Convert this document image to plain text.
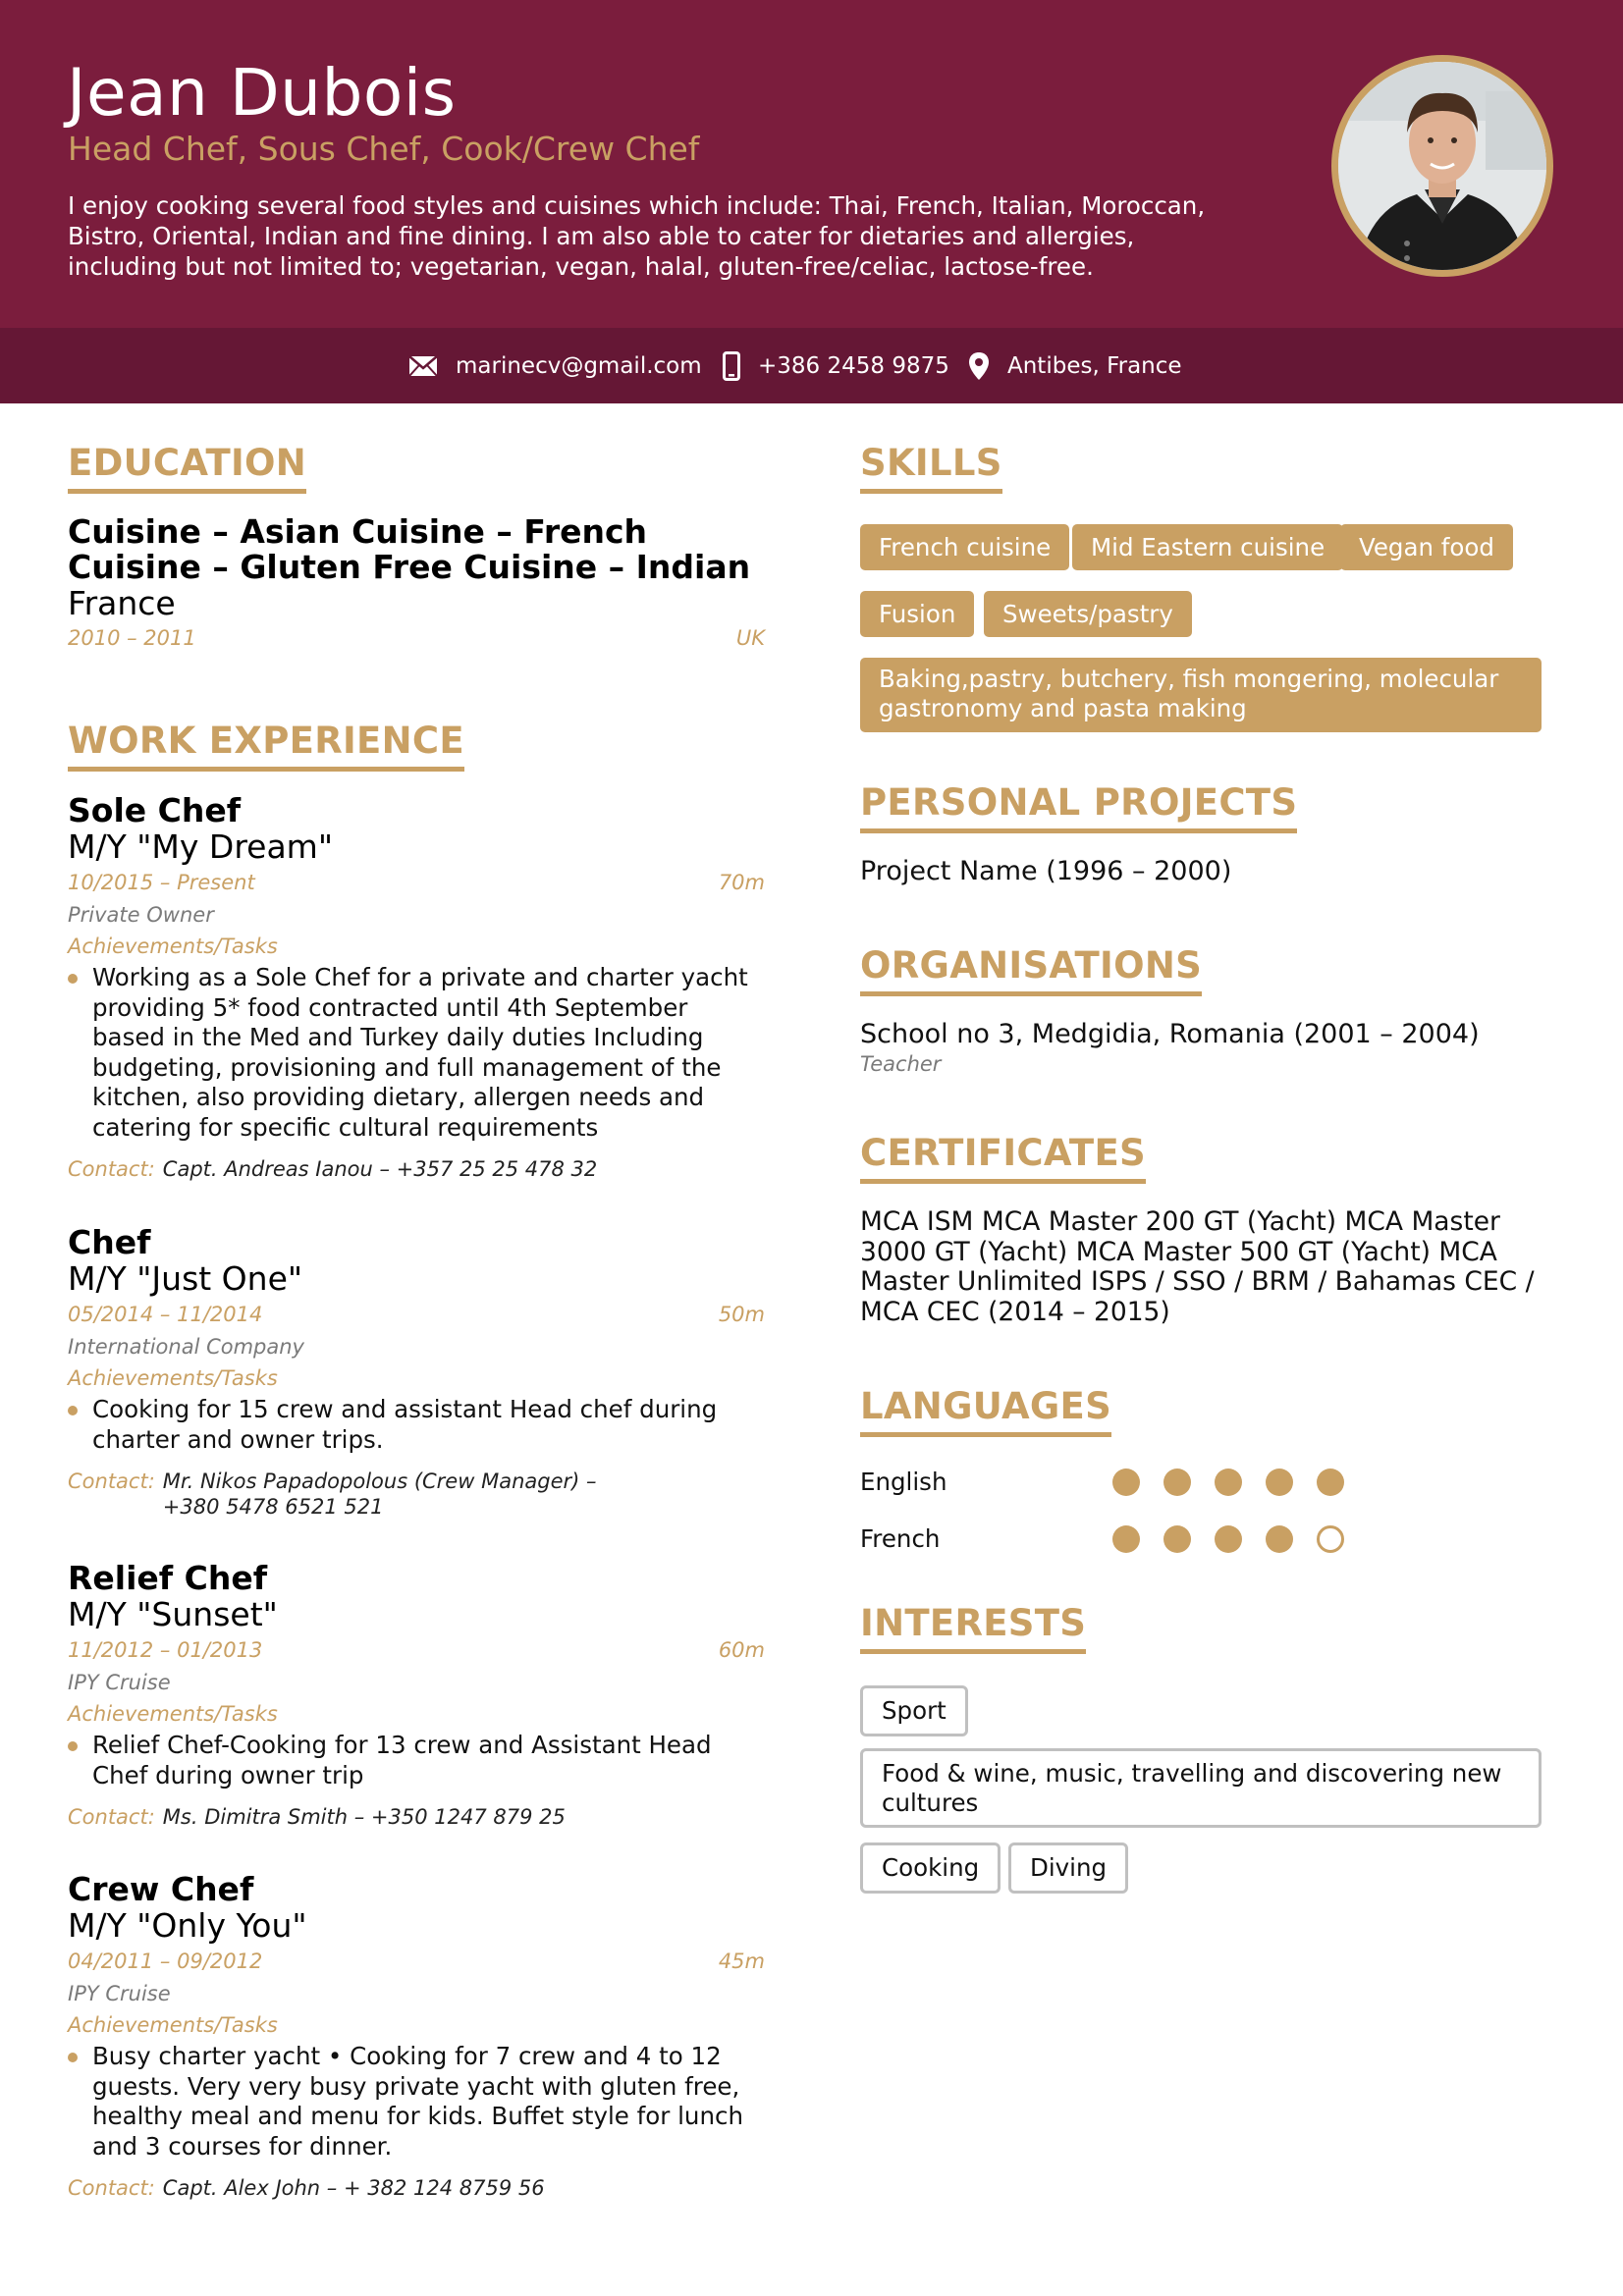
Jean Dubois
Head Chef, Sous Chef, Cook/Crew Chef
I enjoy cooking several food styles and cuisines which include: Thai, French, Italian, Moroccan, Bistro, Oriental, Indian and fine dining. I am also able to cater for dietaries and allergies, including but not limited to; vegetarian, vegan, halal, gluten-free/celiac, lactose-free.
marinecv@gmail.com +386 2458 9875	Antibes, France
EDUCATION
Cuisine – Asian Cuisine – French Cuisine – Gluten Free Cuisine – Indian
France
2010 – 2011	UK
WORK EXPERIENCE
Sole Chef
M/Y "My Dream"
10/2015 – Present	70m
Private Owner
Achievements/Tasks
Working as a Sole Chef for a private and charter yacht providing 5* food contracted until 4th September based in the Med and Turkey daily duties Including budgeting, provisioning and full management of the kitchen, also providing dietary, allergen needs and catering for specific cultural requirements
Contact: Capt. Andreas Ianou – +357 25 25 478 32
Chef
M/Y "Just One"
05/2014 – 11/2014	50m
International Company
Achievements/Tasks
Cooking for 15 crew and assistant Head chef during charter and owner trips.
Contact: Mr. Nikos Papadopolous (Crew Manager) – +380 5478 6521 521
Relief Chef
M/Y "Sunset"
11/2012 – 01/2013	60m
IPY Cruise
Achievements/Tasks
Relief Chef-Cooking for 13 crew and Assistant Head Chef during owner trip
Contact: Ms. Dimitra Smith – +350 1247 879 25
Crew Chef
M/Y "Only You"
04/2011 – 09/2012	45m
IPY Cruise
Achievements/Tasks
Busy charter yacht • Cooking for 7 crew and 4 to 12 guests. Very very busy private yacht with gluten free, healthy meal and menu for kids. Buffet style for lunch and 3 courses for dinner.
Contact: Capt. Alex John – + 382 124 8759 56
SKILLS
French cuisine	Mid Eastern cuisine	Vegan food
Fusion	Sweets/pastry
Baking,pastry, butchery, fish mongering, molecular gastronomy and pasta making
PERSONAL PROJECTS
Project Name (1996 – 2000)
ORGANISATIONS
School no 3, Medgidia, Romania (2001 – 2004)
Teacher
CERTIFICATES
MCA ISM MCA Master 200 GT (Yacht) MCA Master 3000 GT (Yacht) MCA Master 500 GT (Yacht) MCA Master Unlimited ISPS / SSO / BRM / Bahamas CEC / MCA CEC (2014 – 2015)
LANGUAGES
English
French
INTERESTS
Sport
Food & wine, music, travelling and discovering new cultures
Cooking	Diving
